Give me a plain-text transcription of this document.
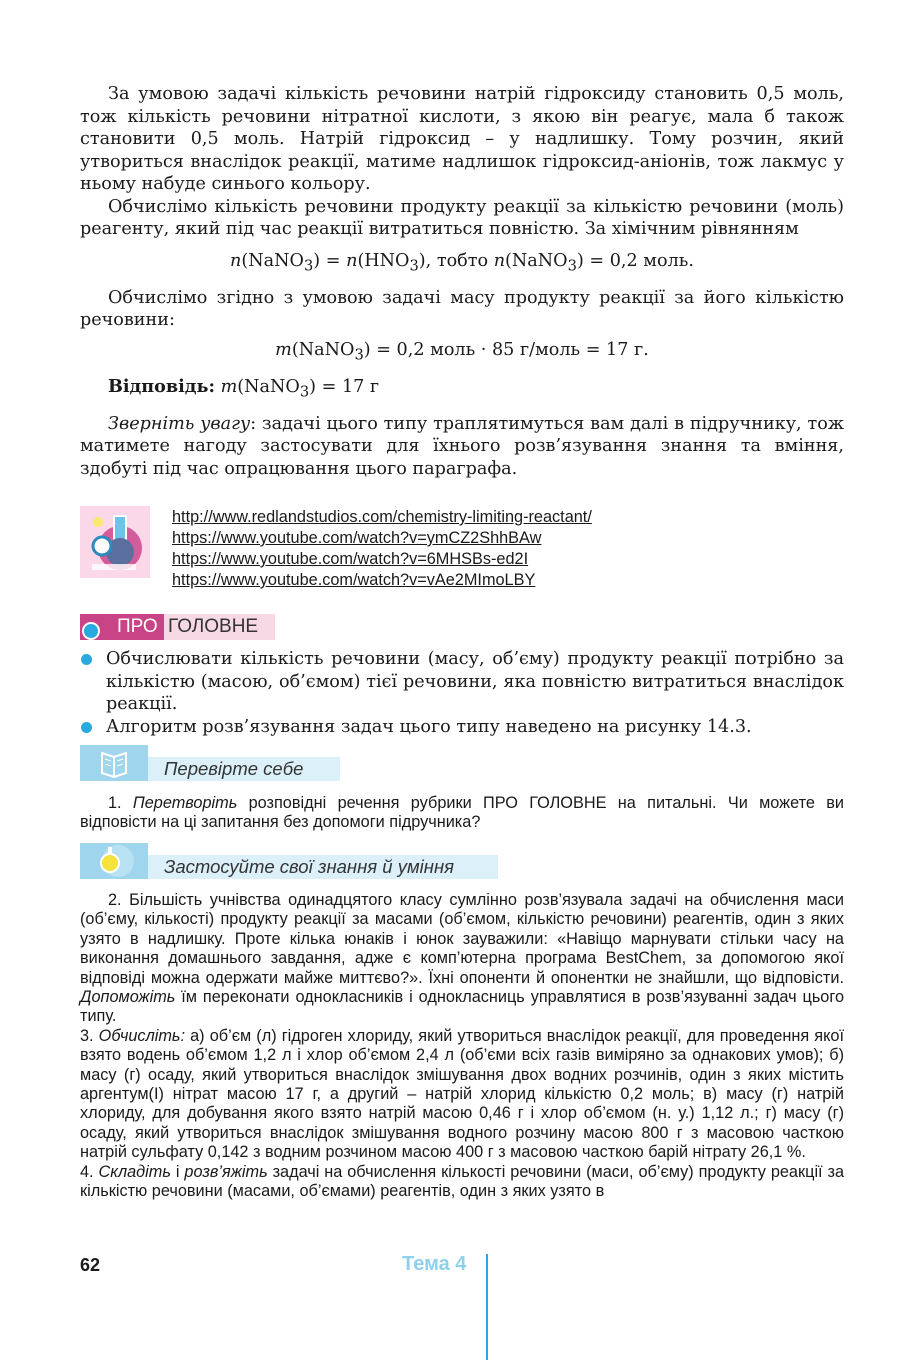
За умовою задачі кількість речовини натрій гідроксиду становить 0,5 моль, тож кількість речовини нітратної кислоти, з якою він реагує, мала б також становити 0,5 моль. Натрій гідроксид – у надлишку. Тому розчин, який утвориться внаслідок реакції, матиме надлишок гідроксид-аніонів, тож лакмус у ньому набуде синього кольору.

Обчислімо кількість речовини продукту реакції за кількістю речовини (моль) реагенту, який під час реакції витратиться повністю. За хімічним рівнянням

n(NaNO$_3$) = $n(HNO_3)$, тобто n(NaNO$_3$) = 0,2 моль.

Обчислімо згідно з умовою задачі масу продукту реакції за його кількістю речовини:

m(NaNO$_3$) = 0,2 моль · 85 г/моль = 17 г.

Відповідь: m(NaNO$_3$) = 17 г

Зверніть увагу: задачі цього типу траплятимуться вам далі в підручнику, тож матимете нагоду застосувати для їхнього розв’язування знання та вміння, здобуті під час опрацювання цього параграфа.

http://www.redlandstudios.com/chemistry-limiting-reactant/
https://www.youtube.com/watch?v=ymCZ2ShhBAw
https://www.youtube.com/watch?v=6MHSBs-ed2I
https://www.youtube.com/watch?v=vAe2MImoLBY
ПРО ГОЛОВНЕ
Обчислювати кількість речовини (масу, об’єму) продукту реакції потрібно за кількістю (масою, об’ємом) тієї речовини, яка повністю витратиться внаслідок реакції.
Алгоритм розв’язування задач цього типу наведено на рисунку 14.3.
Перевірте себе

1. Перетворіть розповідні речення рубрики ПРО ГОЛОВНЕ на питальні. Чи можете ви відповісти на ці запитання без допомоги підручника?

Застосуйте свої знання й уміння

2. Більшість учнівства одинадцятого класу сумлінно розв’язувала задачі на обчислення маси (об’єму, кількості) продукту реакції за масами (об’ємом, кількістю речовини) реагентів, один з яких узято в надлишку. Проте кілька юнаків і юнок зауважили: «Навіщо марнувати стільки часу на виконання домашнього завдання, адже є комп’ютерна програма BestChem, за допомогою якої відповіді можна одержати майже миттєво?». Їхні опоненти й опонентки не знайшли, що відповісти. Допоможіть їм переконати однокласників і однокласниць управлятися в розв’язуванні задач цього типу.

3. Обчисліть: а) об’єм (л) гідроген хлориду, який утвориться внаслідок реакції, для проведення якої взято водень об’ємом 1,2 л і хлор об’ємом 2,4 л (об’єми всіх газів виміряно за однакових умов); б) масу (г) осаду, який утвориться внаслідок змішування двох водних розчинів, один з яких містить аргентум(I) нітрат масою 17 г, а другий – натрій хлорид кількістю 0,2 моль; в) масу (г) натрій хлориду, для добування якого взято натрій масою 0,46 г і хлор об’ємом (н. у.) 1,12 л.; г) масу (г) осаду, який утвориться внаслідок змішування водного розчину масою 800 г з масовою часткою натрій сульфату 0,142 з водним розчином масою 400 г з масовою часткою барій нітрату 26,1 %.

4. Складіть і розв’яжіть задачі на обчислення кількості речовини (маси, об’єму) продукту реакції за кількістю речовини (масами, об’ємами) реагентів, один з яких узято в

62	Тема 4
